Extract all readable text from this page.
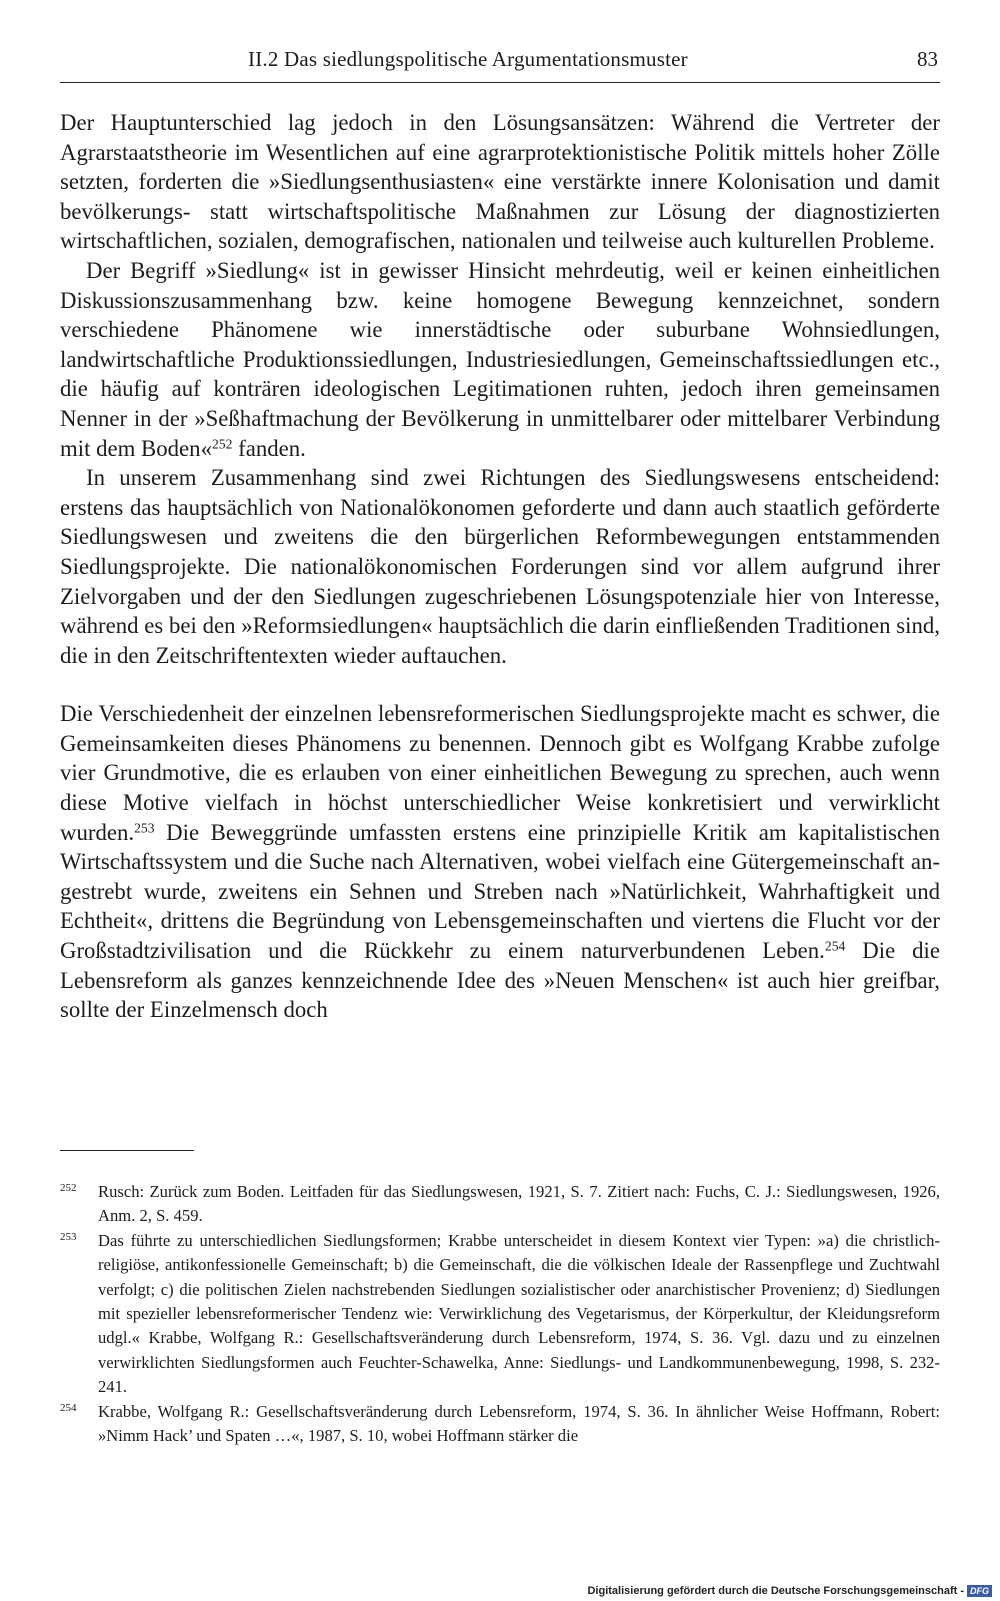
II.2 Das siedlungspolitische Argumentationsmuster	83

Der Hauptunterschied lag jedoch in den Lösungsansätzen: Während die Vertreter der Agrarstaatstheorie im Wesentlichen auf eine agrarprotektionistische Politik mittels hoher Zölle setzten, forderten die »Siedlungsenthusiasten« eine verstärkte innere Kolonisation und damit bevölkerungs- statt wirtschaftspolitische Maßnahmen zur Lösung der diagnostizierten wirtschaftlichen, sozialen, demografischen, nationalen und teilweise auch kulturellen Probleme.

Der Begriff »Siedlung« ist in gewisser Hinsicht mehrdeutig, weil er keinen einheitlichen Diskussionszusammenhang bzw. keine homogene Bewegung kennzeichnet, sondern verschiedene Phänomene wie innerstädtische oder suburbane Wohnsiedlungen, landwirtschaftliche Produktionssiedlungen, Industriesiedlungen, Gemeinschaftssiedlungen etc., die häufig auf konträren ideologischen Legitimationen ruhten, jedoch ihren gemeinsamen Nenner in der »Seßhaftmachung der Bevölkerung in unmittelbarer oder mittelbarer Verbindung mit dem Boden«$^{252}$ fanden.

In unserem Zusammenhang sind zwei Richtungen des Siedlungswesens entscheidend: erstens das hauptsächlich von Nationalökonomen geforderte und dann auch staatlich geförderte Siedlungswesen und zweitens die den bürgerlichen Reformbewegungen entstammenden Siedlungsprojekte. Die nationalökonomischen Forderungen sind vor allem aufgrund ihrer Zielvorgaben und der den Siedlungen zugeschriebenen Lösungspotenziale hier von Interesse, während es bei den »Reformsiedlungen« hauptsächlich die darin einfließenden Traditionen sind, die in den Zeitschriftentexten wieder auftauchen.

Die Verschiedenheit der einzelnen lebensreformerischen Siedlungsprojekte macht es schwer, die Gemeinsamkeiten dieses Phänomens zu benennen. Dennoch gibt es Wolfgang Krabbe zufolge vier Grundmotive, die es erlauben von einer einheitlichen Bewegung zu sprechen, auch wenn diese Motive vielfach in höchst unterschiedlicher Weise konkretisiert und verwirklicht wurden.$^{253}$ Die Beweggründe umfassten erstens eine prinzipielle Kritik am kapitalistischen Wirtschaftssystem und die Suche nach Alternativen, wobei vielfach eine Gütergemeinschaft angestrebt wurde, zweitens ein Sehnen und Streben nach »Natürlichkeit, Wahrhaftigkeit und Echtheit«, drittens die Begründung von Lebensgemeinschaften und viertens die Flucht vor der Großstadtzivilisation und die Rückkehr zu einem naturverbundenen Leben.$^{254}$ Die die Lebensreform als ganzes kennzeichnende Idee des »Neuen Menschen« ist auch hier greifbar, sollte der Einzelmensch doch

252 Rusch: Zurück zum Boden. Leitfaden für das Siedlungswesen, 1921, S. 7. Zitiert nach: Fuchs, C. J.: Siedlungswesen, 1926, Anm. 2, S. 459.
253 Das führte zu unterschiedlichen Siedlungsformen; Krabbe unterscheidet in diesem Kontext vier Typen: »a) die christlich-religiöse, antikonfessionelle Gemeinschaft; b) die Gemeinschaft, die die völkischen Ideale der Rassenpflege und Zuchtwahl verfolgt; c) die politischen Zielen nachstrebenden Siedlungen sozialistischer oder anarchistischer Provenienz; d) Siedlungen mit spezieller lebensreformerischer Tendenz wie: Verwirklichung des Vegetarismus, der Körperkultur, der Kleidungsreform udgl.« Krabbe, Wolfgang R.: Gesellschaftsveränderung durch Lebensreform, 1974, S. 36. Vgl. dazu und zu einzelnen verwirklichten Siedlungsformen auch Feuchter-Schawelka, Anne: Siedlungs- und Landkommunenbewegung, 1998, S. 232-241.
254 Krabbe, Wolfgang R.: Gesellschaftsveränderung durch Lebensreform, 1974, S. 36. In ähnlicher Weise Hoffmann, Robert: »Nimm Hack’ und Spaten …«, 1987, S. 10, wobei Hoffmann stärker die
Digitalisierung gefördert durch die Deutsche Forschungsgemeinschaft - DFG
